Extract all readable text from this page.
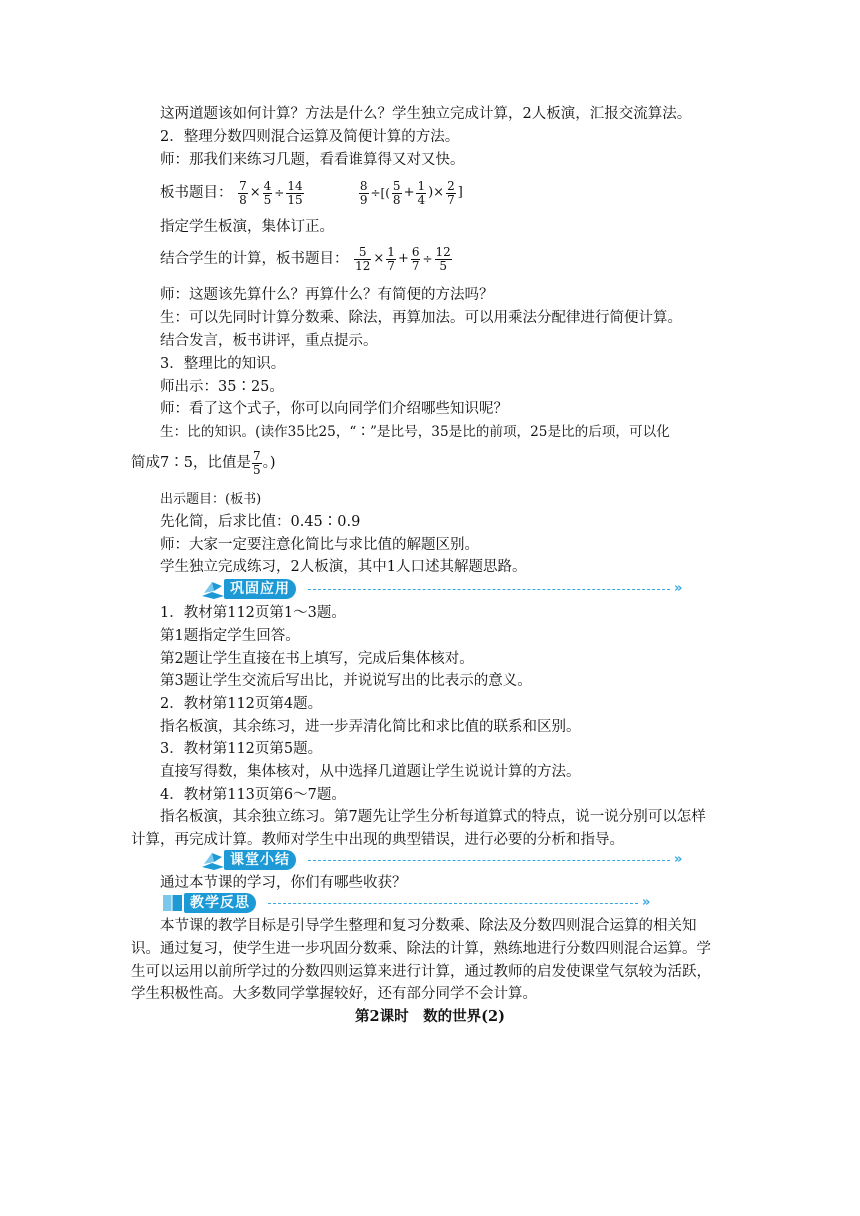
这两道题该如何计算？方法是什么？学生独立完成计算，2人板演，汇报交流算法。
2．整理分数四则混合运算及简便计算的方法。
师：那我们来练习几题，看看谁算得又对又快。
板书题目： $\frac{7}{8} \times \frac{4}{5} \div \frac{14}{15}$
	$\frac{8}{9}$ ÷[( $\frac{5}{8} + \frac{1}{4}$ )× $\frac{2}{7}$ ]
指定学生板演，集体订正。
结合学生的计算，板书题目： $\frac{5}{12} \times \frac{1}{7} + \frac{6}{7} \div \frac{12}{5}$
师：这题该先算什么？再算什么？有简便的方法吗？
生：可以先同时计算分数乘、除法，再算加法。可以用乘法分配律进行简便计算。
结合发言，板书讲评，重点提示。
3．整理比的知识。
师出示：35∶25。
师：看了这个式子，你可以向同学们介绍哪些知识呢？
生：比的知识。(读作35比25，“∶”是比号，35是比的前项，25是比的后项，可以化
简成7∶5，比值是 $\frac{7}{5}$ 。)
出示题目：(板书)
先化简，后求比值：0.45∶0.9
师：大家一定要注意化简比与求比值的解题区别。
学生独立完成练习，2人板演，其中1人口述其解题思路。
巩固应用	»
1．教材第112页第1～3题。
第1题指定学生回答。
第2题让学生直接在书上填写，完成后集体核对。
第3题让学生交流后写出比，并说说写出的比表示的意义。
2．教材第112页第4题。
指名板演，其余练习，进一步弄清化简比和求比值的联系和区别。
3．教材第112页第5题。
直接写得数，集体核对，从中选择几道题让学生说说计算的方法。
4．教材第113页第6～7题。
指名板演，其余独立练习。第7题先让学生分析每道算式的特点，说一说分别可以怎样
计算，再完成计算。教师对学生中出现的典型错误，进行必要的分析和指导。
课堂小结	»
通过本节课的学习，你们有哪些收获？
教学反思	»
本节课的教学目标是引导学生整理和复习分数乘、除法及分数四则混合运算的相关知
识。通过复习，使学生进一步巩固分数乘、除法的计算，熟练地进行分数四则混合运算。学
生可以运用以前所学过的分数四则运算来进行计算，通过教师的启发使课堂气氛较为活跃，
学生积极性高。大多数同学掌握较好，还有部分同学不会计算。
第2课时　数的世界(2)
